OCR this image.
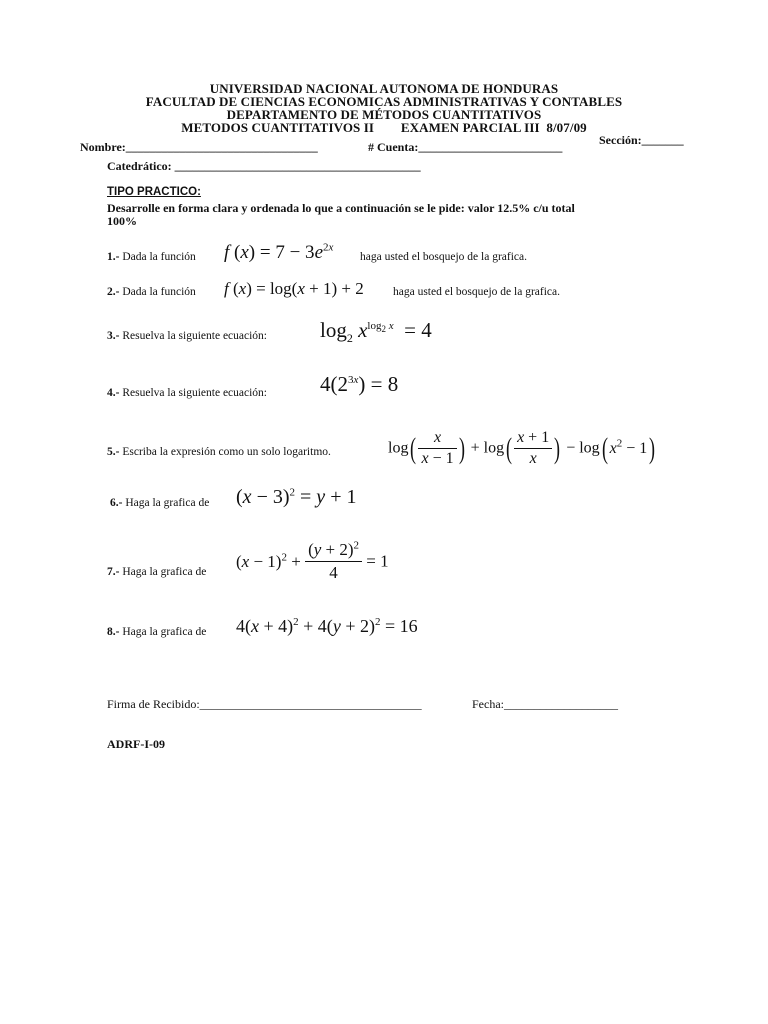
UNIVERSIDAD NACIONAL AUTONOMA DE HONDURAS
FACULTAD DE CIENCIAS ECONOMICAS ADMINISTRATIVAS Y CONTABLES
DEPARTAMENTO DE MÉTODOS CUANTITATIVOS
METODOS CUANTITATIVOS II        EXAMEN PARCIAL III  8/07/09
Sección:_______
Nombre:________________________________	# Cuenta:________________________
Catedrático: _________________________________________
TIPO PRACTICO:
Desarrolle en forma clara y ordenada lo que a continuación se le pide: valor 12.5% c/u total
100%
1.- Dada la función f $(x) = 7 - 3e^{2x}$
haga usted el bosquejo de la grafica.
2.- Dada la función f (x) = log(x + 1) + 2	haga usted el bosquejo de la grafica.
3.- Resuelva la siguiente ecuación:	$\log_2 x^{log_2 x} = 4$
4.- Resuelva la siguiente ecuación:	$4(2^{3x}) = 8$
5.- Escriba la expresión como un solo logaritmo.	$\log( \frac{x}{x - 1}$ ) + $\log( \frac{x + 1}{x}$ ) − log( $x^2 - 1$)
6.- Haga la grafica de $(x - 3)^2 = y + 1$
7.- Haga la grafica de
$(x - 1)^2 + \frac{(y + 2)^2}{4} = 1$
8.- Haga la grafica de $4(x + 4)^2 + 4(y + 2)^2 = 16$
Firma de Recibido:_____________________________________	Fecha:___________________
ADRF-I-09
